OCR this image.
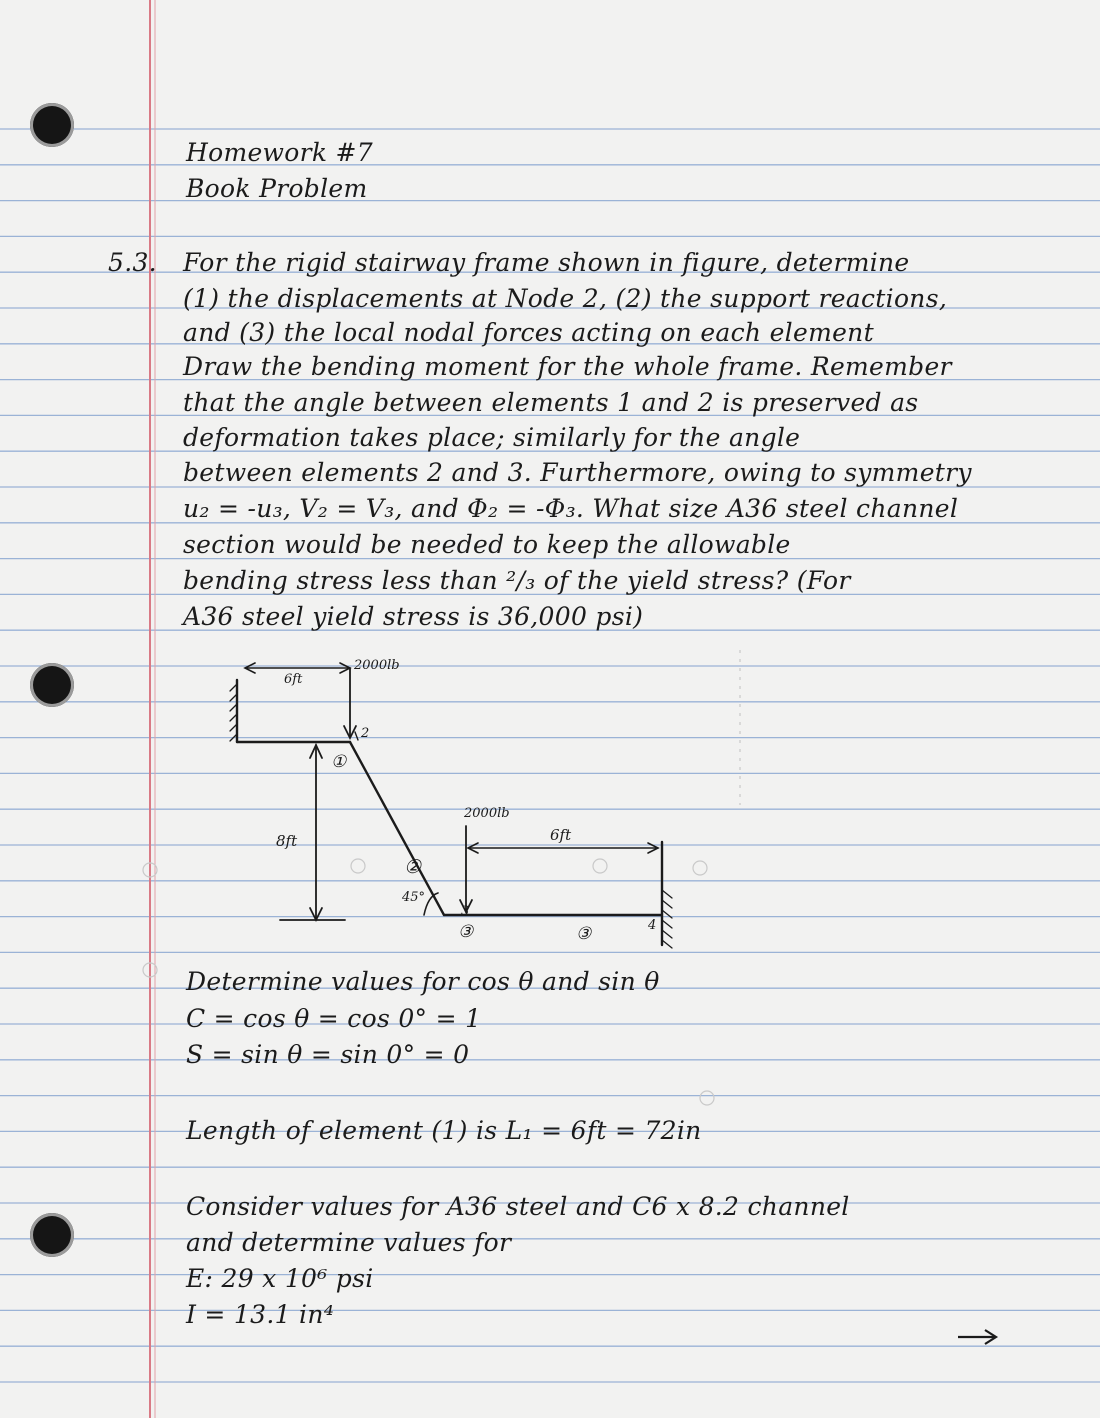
Homework #7
Book Problem
5.3. For the rigid stairway frame shown in figure, determine
(1) the displacements at Node 2, (2) the support reactions,
and (3) the local nodal forces acting on each element
Draw the bending moment for the whole frame. Remember
that the angle between elements 1 and 2 is preserved as
deformation takes place; similarly for the angle
between elements 2 and 3. Furthermore, owing to symmetry
u₂ = -u₃, V₂ = V₃, and Φ₂ = -Φ₃. What size A36 steel channel
section would be needed to keep the allowable
bending stress less than ²/₃ of the yield stress? (For
A36 steel yield stress is 36,000 psi)
6ft
2000lb
2
①
8ft
2000lb
6ft
②
45°
3
③	③	4
Determine values for cos θ and sin θ
C = cos θ = cos 0° = 1
S = sin θ = sin 0° = 0
Length of element (1) is L₁ = 6ft = 72in
Consider values for A36 steel and C6 x 8.2 channel
and determine values for
E: 29 x 10⁶ psi
I = 13.1 in⁴
